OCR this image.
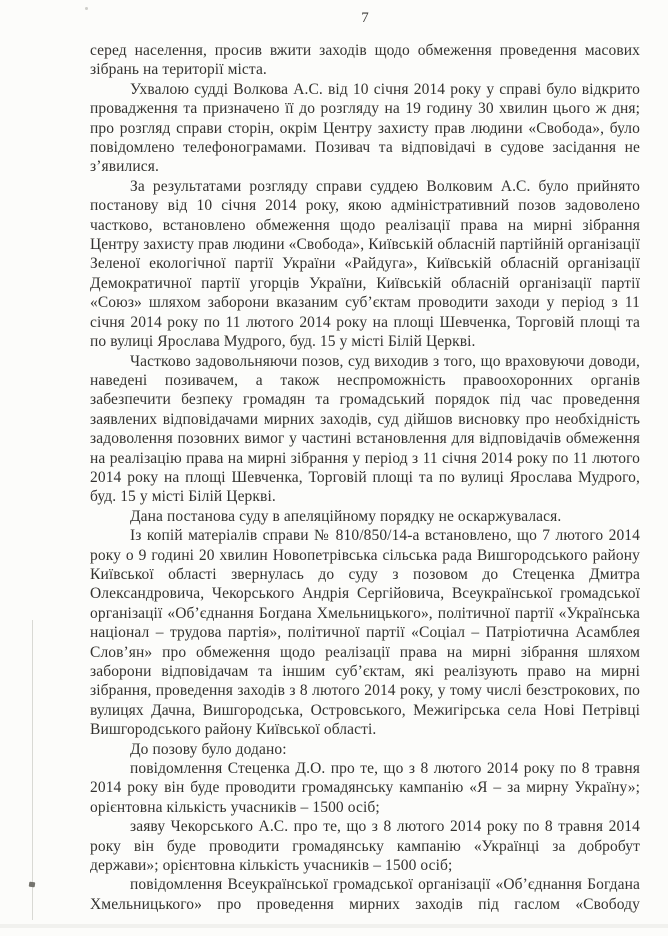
7

серед населення, просив вжити заходів щодо обмеження проведення масових зібрань на території міста.

Ухвалою судді Волкова А.С. від 10 січня 2014 року у справі було відкрито провадження та призначено її до розгляду на 19 годину 30 хвилин цього ж дня; про розгляд справи сторін, окрім Центру захисту прав людини «Свобода», було повідомлено телефонограмами. Позивач та відповідачі в судове засідання не з’явилися.

За результатами розгляду справи суддею Волковим А.С. було прийнято постанову від 10 січня 2014 року, якою адміністративний позов задоволено частково, встановлено обмеження щодо реалізації права на мирні зібрання Центру захисту прав людини «Свобода», Київській обласній партійній організації Зеленої екологічної партії України «Райдуга», Київській обласній організації Демократичної партії угорців України, Київській обласній організації партії «Союз» шляхом заборони вказаним суб’єктам проводити заходи у період з 11 січня 2014 року по 11 лютого 2014 року на площі Шевченка, Торговій площі та по вулиці Ярослава Мудрого, буд. 15 у місті Білій Церкві.

Частково задовольняючи позов, суд виходив з того, що враховуючи доводи, наведені позивачем, а також неспроможність правоохоронних органів забезпечити безпеку громадян та громадський порядок під час проведення заявлених відповідачами мирних заходів, суд дійшов висновку про необхідність задоволення позовних вимог у частині встановлення для відповідачів обмеження на реалізацію права на мирні зібрання у період з 11 січня 2014 року по 11 лютого 2014 року на площі Шевченка, Торговій площі та по вулиці Ярослава Мудрого, буд. 15 у місті Білій Церкві.

Дана постанова суду в апеляційному порядку не оскаржувалася.

Із копій матеріалів справи № 810/850/14-а встановлено, що 7 лютого 2014 року о 9 годині 20 хвилин Новопетрівська сільська рада Вишгородського району Київської області звернулась до суду з позовом до Стеценка Дмитра Олександровича, Чекорського Андрія Сергійовича, Всеукраїнської громадської організації «Об’єднання Богдана Хмельницького», політичної партії «Українська націонал – трудова партія», політичної партії «Соціал – Патріотична Асамблея Слов’ян» про обмеження щодо реалізації права на мирні зібрання шляхом заборони відповідачам та іншим суб’єктам, які реалізують право на мирні зібрання, проведення заходів з 8 лютого 2014 року, у тому числі безстрокових, по вулицях Дачна, Вишгородська, Островського, Межигірська села Нові Петрівці Вишгородського району Київської області.

До позову було додано:

повідомлення Стеценка Д.О. про те, що з 8 лютого 2014 року по 8 травня 2014 року він буде проводити громадянську кампанію «Я – за мирну Україну»; орієнтовна кількість учасників – 1500 осіб;

заяву Чекорського А.С. про те, що з 8 лютого 2014 року по 8 травня 2014 року він буде проводити громадянську кампанію «Українці за добробут держави»; орієнтовна кількість учасників – 1500 осіб;

повідомлення Всеукраїнської громадської організації «Об’єднання Богдана Хмельницького» про проведення мирних заходів під гаслом «Свободу
